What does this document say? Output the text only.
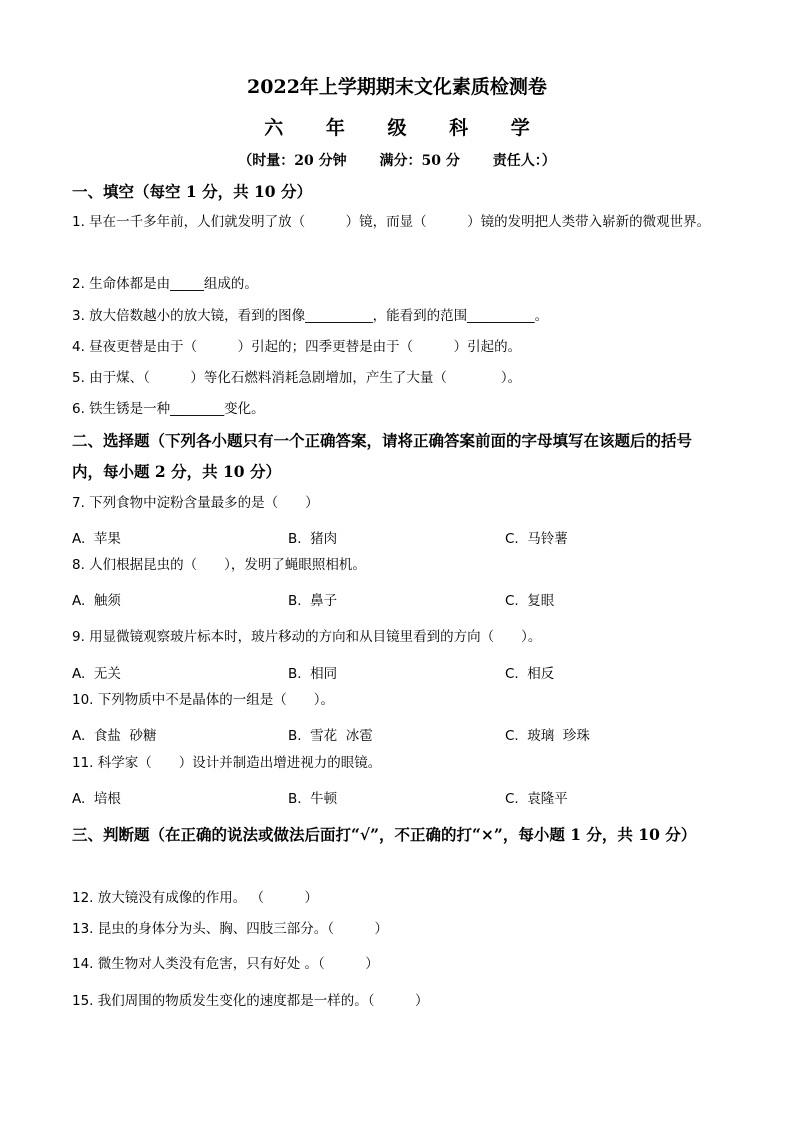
2022年上学期期末文化素质检测卷
六 年 级 科 学
（时量：20 分钟 满分：50 分 责任人：）
一、填空（每空 1 分，共 10 分）
1. 早在一千多年前，人们就发明了放（　　　）镜，而显（　　　）镜的发明把人类带入崭新的微观世界。
2. 生命体都是由_____组成的。
3. 放大倍数越小的放大镜，看到的图像__________，能看到的范围__________。
4. 昼夜更替是由于（　　　）引起的；四季更替是由于（　　　）引起的。
5. 由于煤、（　　　）等化石燃料消耗急剧增加，产生了大量（　　　　）。
6. 铁生锈是一种________变化。
二、选择题（下列各小题只有一个正确答案，请将正确答案前面的字母填写在该题后的括号内，每小题 2 分，共 10 分）
7. 下列食物中淀粉含量最多的是（　　）
A.  苹果	B.  猪肉	C.  马铃薯
8. 人们根据昆虫的（　　），发明了蝇眼照相机。
A.  触须	B.  鼻子	C.  复眼
9. 用显微镜观察玻片标本时，玻片移动的方向和从目镜里看到的方向（　　）。
A.  无关	B.  相同	C.  相反
10. 下列物质中不是晶体的一组是（　　）。
A.  食盐  砂糖	B.  雪花  冰雹	C.  玻璃  珍珠
11. 科学家（　　）设计并制造出增进视力的眼镜。
A.  培根	B.  牛顿	C.  袁隆平
三、判断题（在正确的说法或做法后面打“√”，不正确的打“×”，每小题 1 分，共 10 分）
12. 放大镜没有成像的作用。 （　　　）
13. 昆虫的身体分为头、胸、四肢三部分。（　　　）
14. 微生物对人类没有危害，只有好处 。（　　　）
15. 我们周围的物质发生变化的速度都是一样的。（　　　）
